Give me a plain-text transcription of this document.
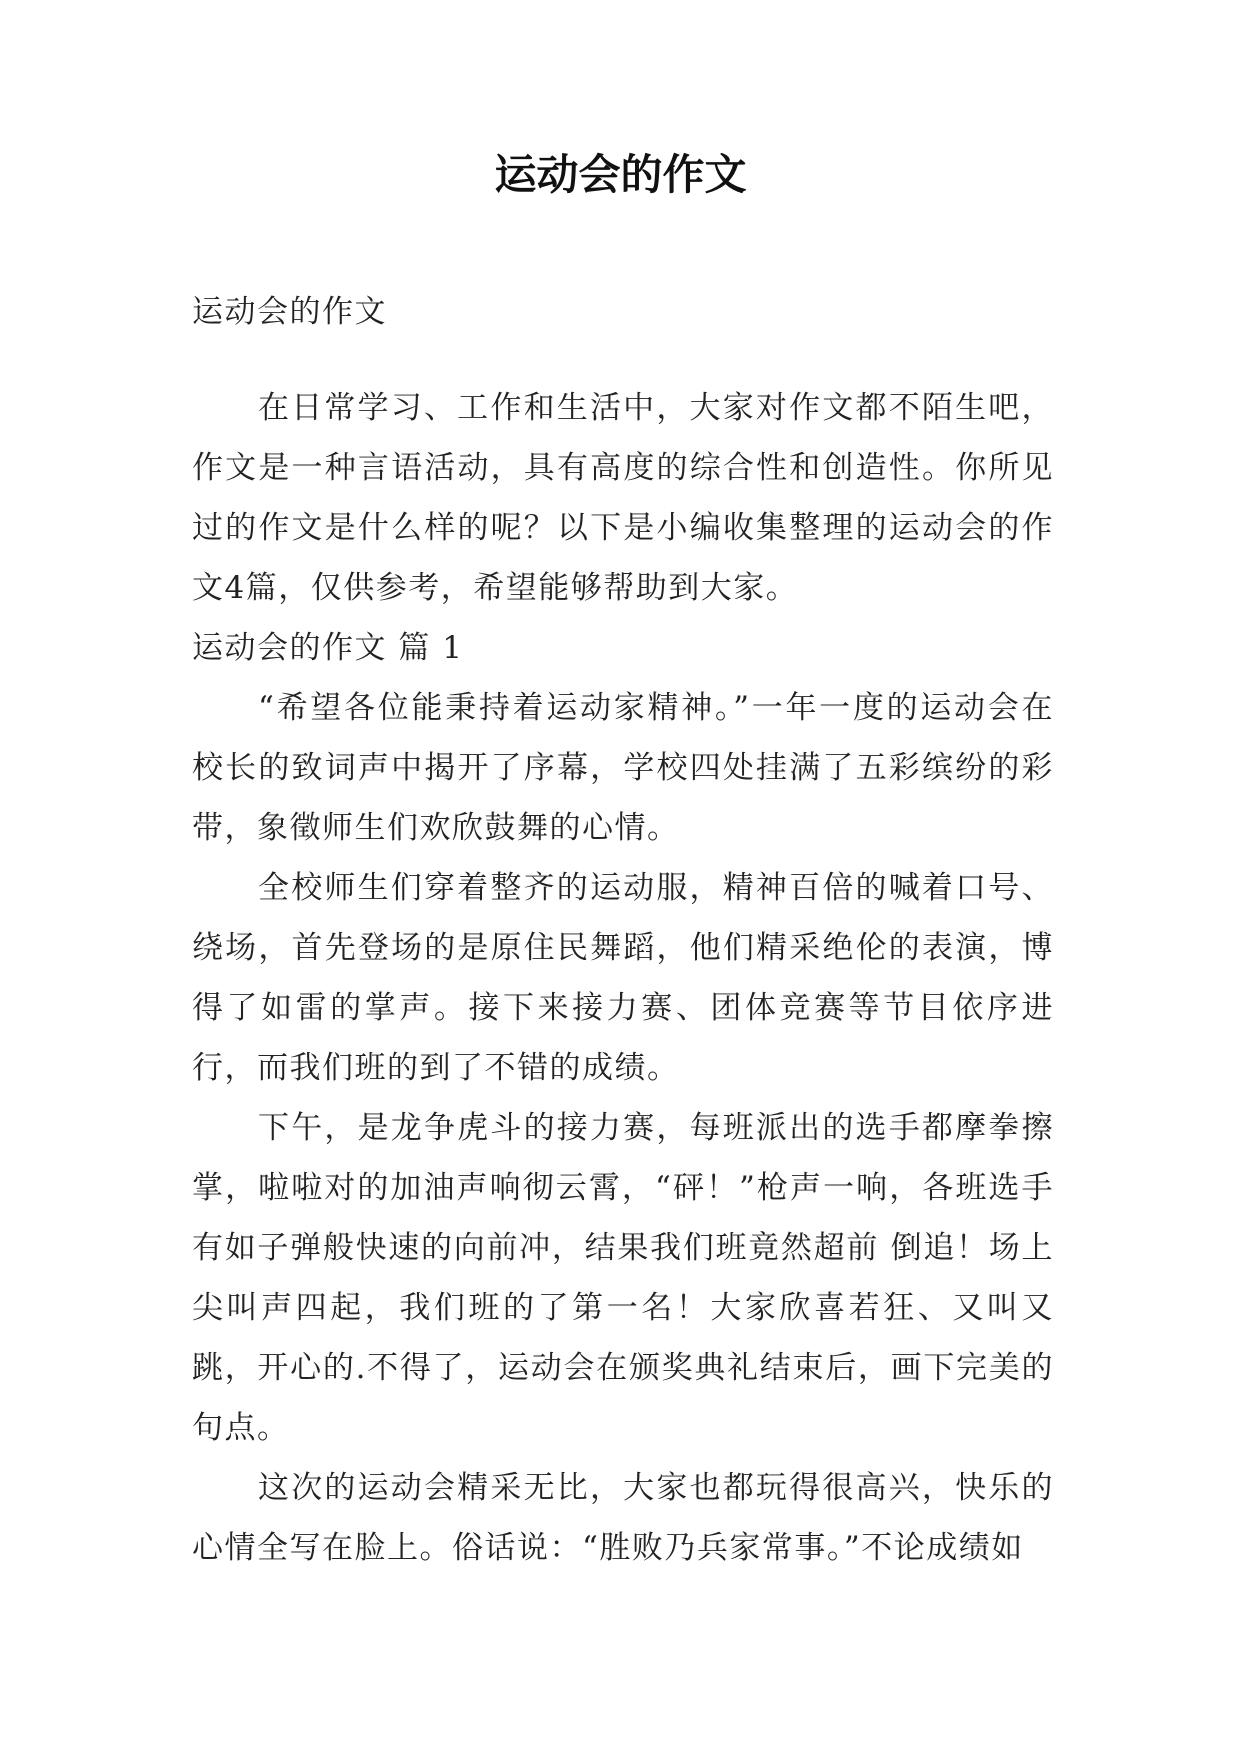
运动会的作文

运动会的作文

在日常学习、工作和生活中，大家对作文都不陌生吧，作文是一种言语活动，具有高度的综合性和创造性。你所见过的作文是什么样的呢？以下是小编收集整理的运动会的作文4篇，仅供参考，希望能够帮助到大家。

运动会的作文 篇 1

“希望各位能秉持着运动家精神。”一年一度的运动会在校长的致词声中揭开了序幕，学校四处挂满了五彩缤纷的彩带，象徵师生们欢欣鼓舞的心情。

全校师生们穿着整齐的运动服，精神百倍的喊着口号、绕场，首先登场的是原住民舞蹈，他们精采绝伦的表演，博得了如雷的掌声。接下来接力赛、团体竞赛等节目依序进行，而我们班的到了不错的成绩。

下午，是龙争虎斗的接力赛，每班派出的选手都摩拳擦掌，啦啦对的加油声响彻云霄，“砰！”枪声一响，各班选手有如子弹般快速的向前冲，结果我们班竟然超前 倒追！场上尖叫声四起，我们班的了第一名！大家欣喜若狂、又叫又跳，开心的.不得了，运动会在颁奖典礼结束后，画下完美的句点。

这次的运动会精采无比，大家也都玩得很高兴，快乐的心情全写在脸上。俗话说：“胜败乃兵家常事。”不论成绩如
